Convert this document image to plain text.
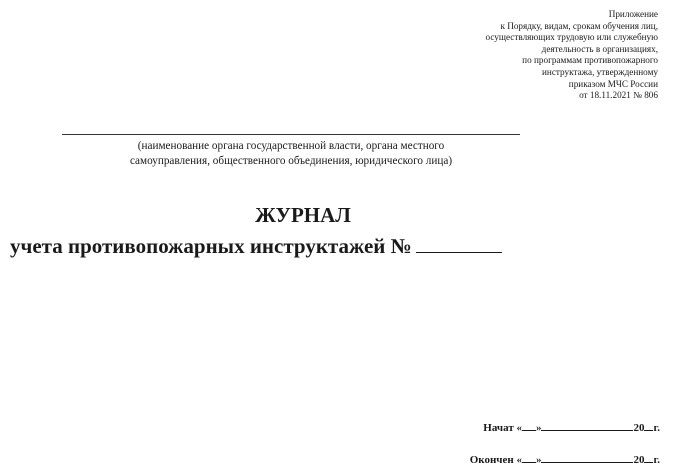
Приложение
к Порядку, видам, срокам обучения лиц,
осуществляющих трудовую или служебную
деятельность в организациях,
по программам противопожарного
инструктажа, утвержденному
приказом МЧС России
от 18.11.2021 № 806
(наименование органа государственной власти, органа местного
самоуправления, общественного объединения, юридического лица)
ЖУРНАЛ
учета противопожарных инструктажей №
Начат
« »	20 г.
Окончен
« »	20 г.
